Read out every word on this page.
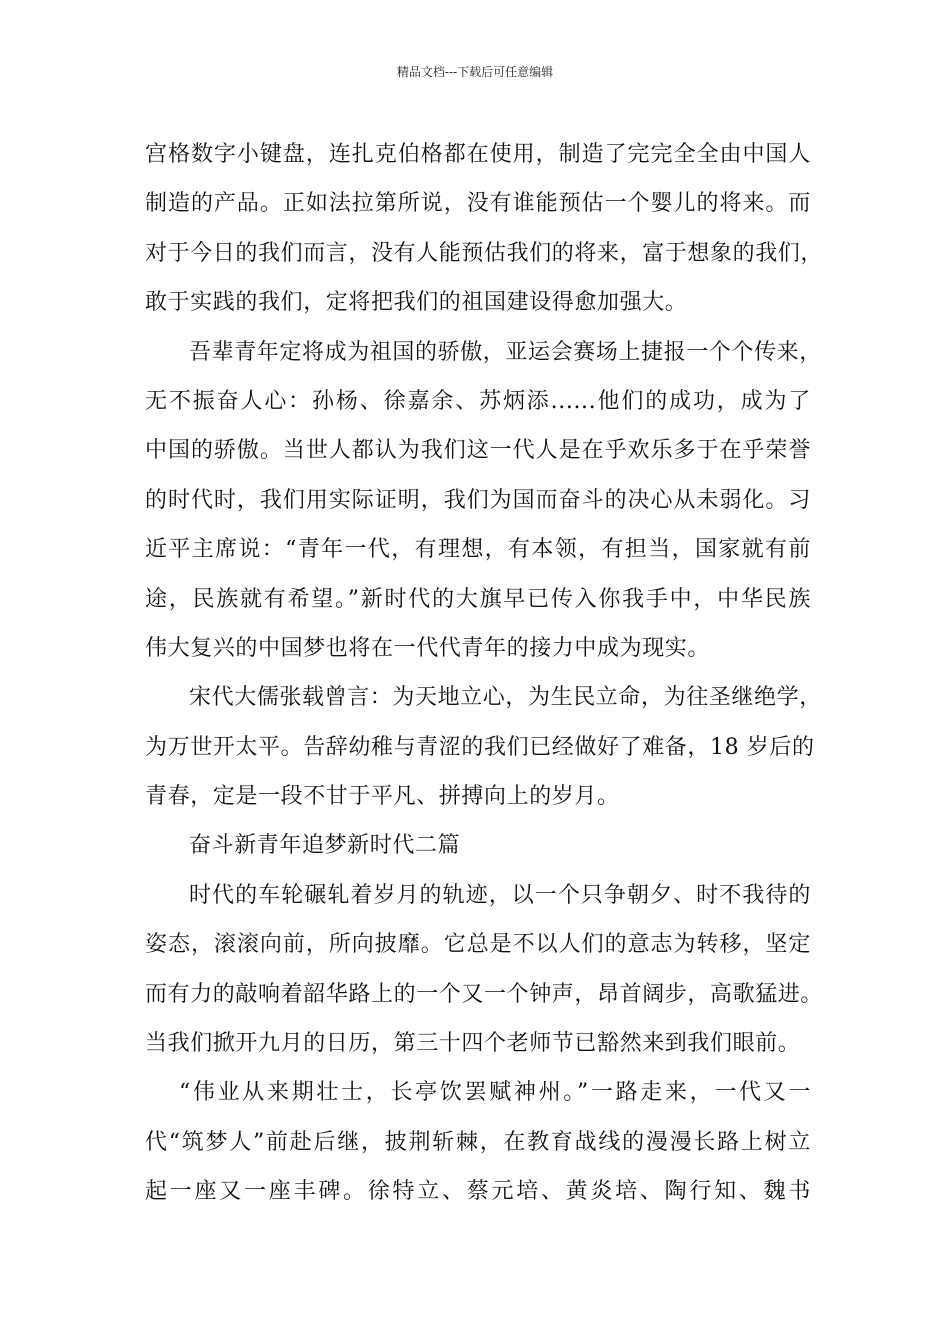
精品文档---下载后可任意编辑
宫格数字小键盘，连扎克伯格都在使用，制造了完完全全由中国人
制造的产品。正如法拉第所说，没有谁能预估一个婴儿的将来。而
对于今日的我们而言，没有人能预估我们的将来，富于想象的我们，
敢于实践的我们，定将把我们的祖国建设得愈加强大。
吾辈青年定将成为祖国的骄傲，亚运会赛场上捷报一个个传来，
无不振奋人心：孙杨、徐嘉余、苏炳添......他们的成功，成为了
中国的骄傲。当世人都认为我们这一代人是在乎欢乐多于在乎荣誉
的时代时，我们用实际证明，我们为国而奋斗的决心从未弱化。习
近平主席说：“青年一代，有理想，有本领，有担当，国家就有前
途，民族就有希望。”新时代的大旗早已传入你我手中，中华民族
伟大复兴的中国梦也将在一代代青年的接力中成为现实。
宋代大儒张载曾言：为天地立心，为生民立命，为往圣继绝学，
为万世开太平。告辞幼稚与青涩的我们已经做好了难备，18 岁后的
青春，定是一段不甘于平凡、拼搏向上的岁月。
奋斗新青年追梦新时代二篇
时代的车轮碾轧着岁月的轨迹，以一个只争朝夕、时不我待的
姿态，滚滚向前，所向披靡。它总是不以人们的意志为转移，坚定
而有力的敲响着韶华路上的一个又一个钟声，昂首阔步，高歌猛进。
当我们掀开九月的日历，第三十四个老师节已豁然来到我们眼前。
“伟业从来期壮士，长亭饮罢赋神州。”一路走来，一代又一
代“筑梦人”前赴后继，披荆斩棘，在教育战线的漫漫长路上树立
起一座又一座丰碑。徐特立、蔡元培、黄炎培、陶行知、魏书
